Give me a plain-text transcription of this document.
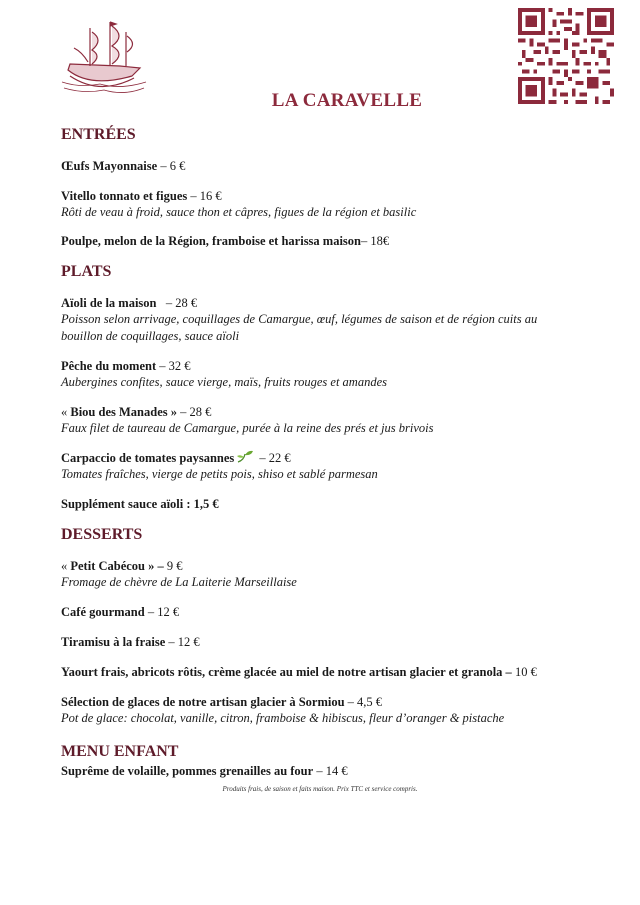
LA CARAVELLE
ENTRÉES
Œufs Mayonnaise – 6 €
Vitello tonnato et figues – 16 €
Rôti de veau à froid, sauce thon et câpres, figues de la région et basilic
Poulpe, melon de la Région, framboise et harissa maison– 18€
PLATS
Aïoli de la maison   – 28 €
Poisson selon arrivage, coquillages de Camargue, œuf, légumes de saison et de région cuits au bouillon de coquillages, sauce aïoli
Pêche du moment – 32 €
Aubergines confites, sauce vierge, maïs, fruits rouges et amandes
« Biou des Manades » – 28 €
Faux filet de taureau de Camargue, purée à la reine des prés et jus brivois
Carpaccio de tomates paysannes – 22 €
Tomates fraîches, vierge de petits pois, shiso et sablé parmesan
Supplément sauce aïoli : 1,5 €
DESSERTS
« Petit Cabécou » – 9 €
Fromage de chèvre de La Laiterie Marseillaise
Café gourmand – 12 €
Tiramisu à la fraise – 12 €
Yaourt frais, abricots rôtis, crème glacée au miel de notre artisan glacier et granola – 10 €
Sélection de glaces de notre artisan glacier à Sormiou – 4,5 €
Pot de glace: chocolat, vanille, citron, framboise & hibiscus, fleur d’oranger & pistache
MENU ENFANT
Suprême de volaille, pommes grenailles au four – 14 €
Produits frais, de saison et faits maison. Prix TTC et service compris.
